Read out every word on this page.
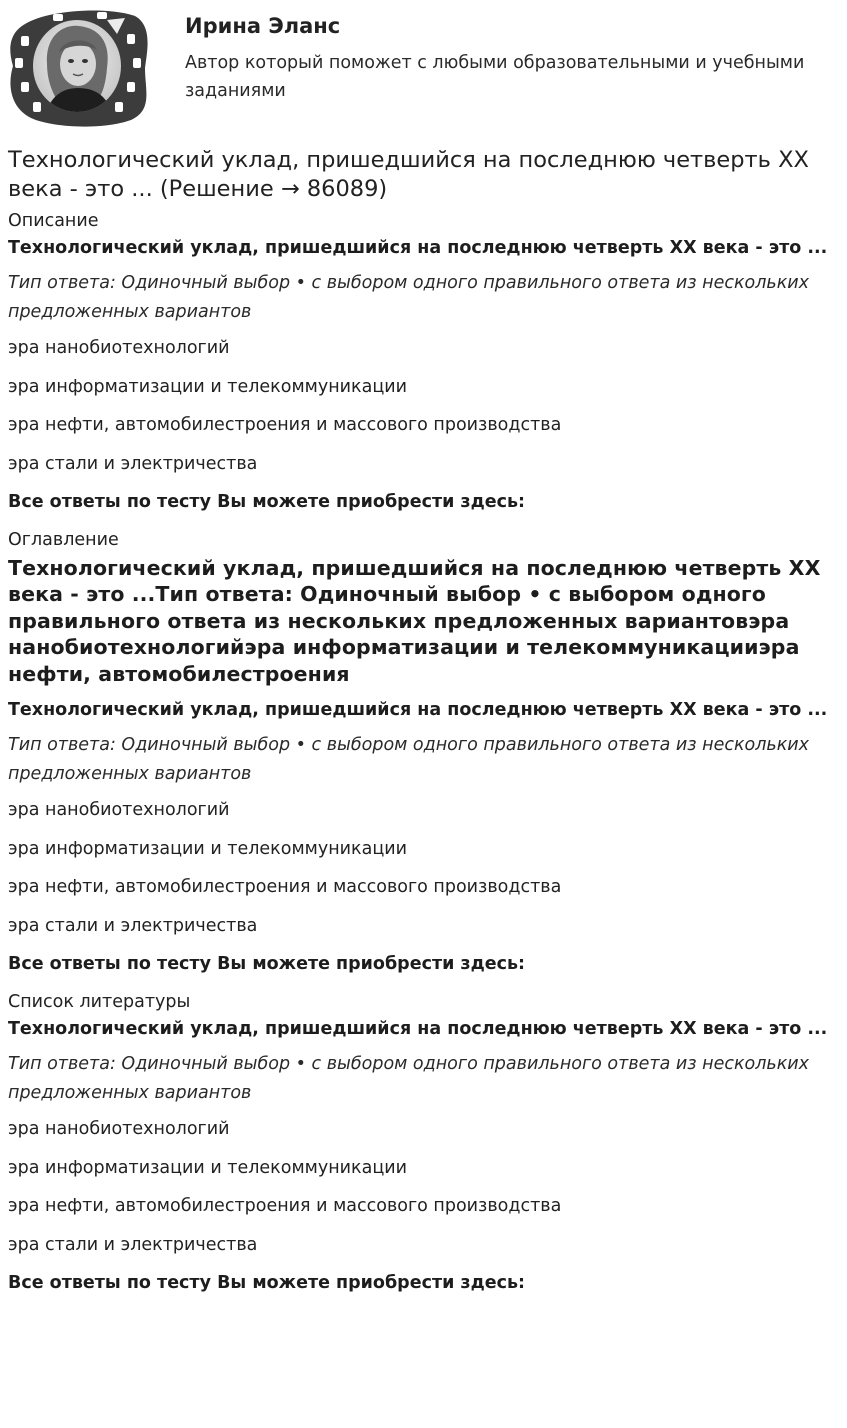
Ирина Эланс

Автор который поможет с любыми образовательными и учебными заданиями

Технологический уклад, пришедшийся на последнюю четверть XX века - это ... (Решение → 86089)
Описание
Технологический уклад, пришедшийся на последнюю четверть XX века - это ...
Тип ответа: Одиночный выбор • с выбором одного правильного ответа из нескольких предложенных вариантов
эра нанобиотехнологий
эра информатизации и телекоммуникации
эра нефти, автомобилестроения и массового производства
эра стали и электричества
Все ответы по тесту Вы можете приобрести здесь:
Оглавление
Технологический уклад, пришедшийся на последнюю четверть XX века - это ...Тип ответа: Одиночный выбор • с выбором одного правильного ответа из нескольких предложенных вариантовэра нанобиотехнологийэра информатизации и телекоммуникацииэра нефти, автомобилестроения
Технологический уклад, пришедшийся на последнюю четверть XX века - это ...
Тип ответа: Одиночный выбор • с выбором одного правильного ответа из нескольких предложенных вариантов
эра нанобиотехнологий
эра информатизации и телекоммуникации
эра нефти, автомобилестроения и массового производства
эра стали и электричества
Все ответы по тесту Вы можете приобрести здесь:
Список литературы
Технологический уклад, пришедшийся на последнюю четверть XX века - это ...
Тип ответа: Одиночный выбор • с выбором одного правильного ответа из нескольких предложенных вариантов
эра нанобиотехнологий
эра информатизации и телекоммуникации
эра нефти, автомобилестроения и массового производства
эра стали и электричества
Все ответы по тесту Вы можете приобрести здесь:
